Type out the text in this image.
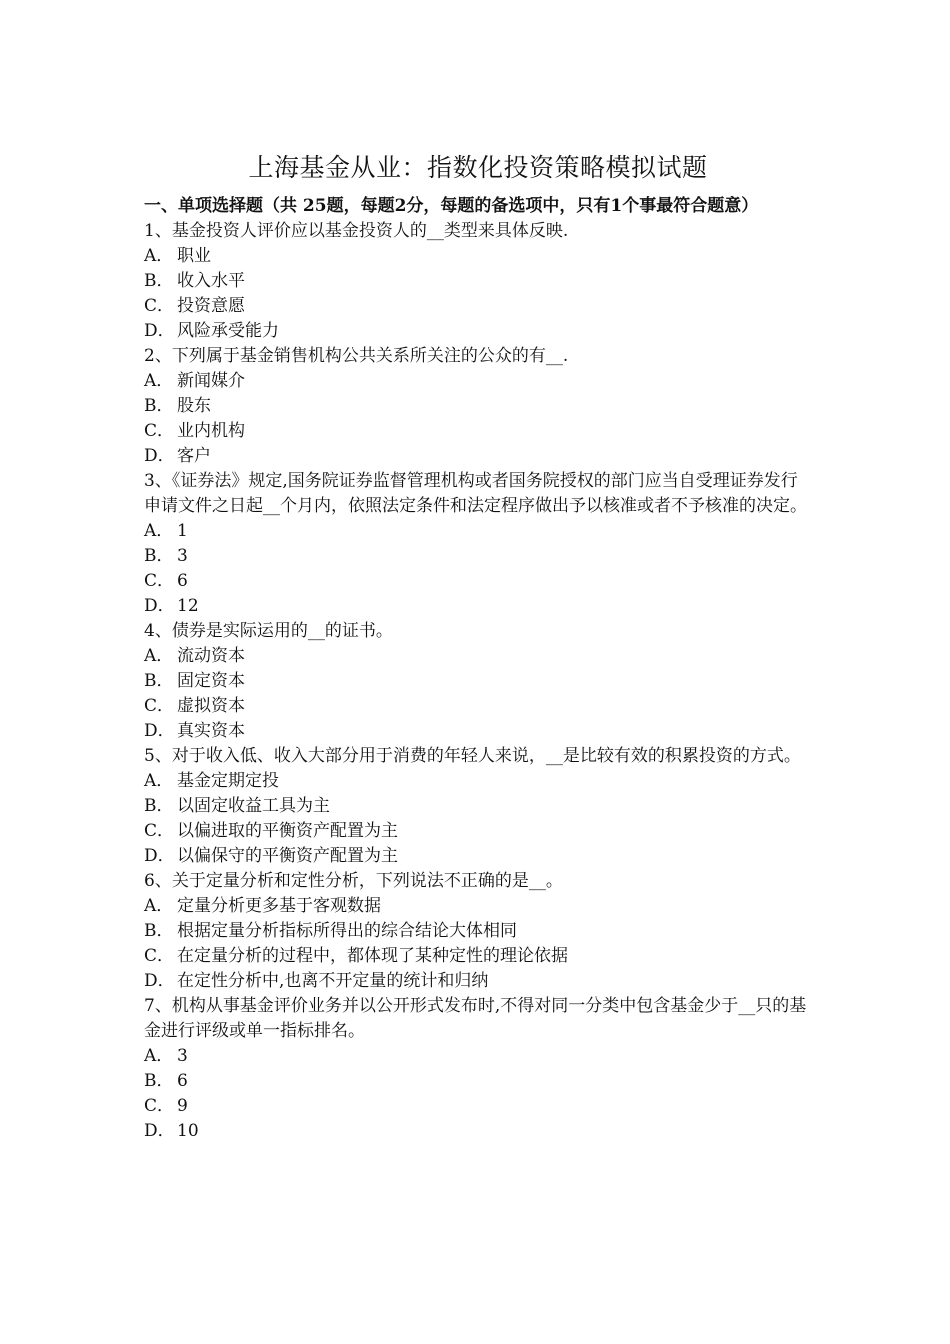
上海基金从业：指数化投资策略模拟试题

一、单项选择题（共 25题，每题2分，每题的备选项中，只有1个事最符合题意）

1、基金投资人评价应以基金投资人的__类型来具体反映.

A． 职业
B． 收入水平
C． 投资意愿
D． 风险承受能力

2、下列属于基金销售机构公共关系所关注的公众的有__.

A． 新闻媒介
B． 股东
C． 业内机构
D． 客户

3、《证券法》规定,国务院证券监督管理机构或者国务院授权的部门应当自受理证券发行申请文件之日起__个月内，依照法定条件和法定程序做出予以核准或者不予核准的决定。

A． 1
B． 3
C． 6
D． 12

4、债券是实际运用的__的证书。

A． 流动资本
B． 固定资本
C． 虚拟资本
D． 真实资本

5、对于收入低、收入大部分用于消费的年轻人来说，__是比较有效的积累投资的方式。

A． 基金定期定投
B． 以固定收益工具为主
C． 以偏进取的平衡资产配置为主
D． 以偏保守的平衡资产配置为主

6、关于定量分析和定性分析，下列说法不正确的是__。

A． 定量分析更多基于客观数据
B． 根据定量分析指标所得出的综合结论大体相同
C． 在定量分析的过程中，都体现了某种定性的理论依据
D． 在定性分析中,也离不开定量的统计和归纳

7、机构从事基金评价业务并以公开形式发布时,不得对同一分类中包含基金少于__只的基金进行评级或单一指标排名。

A． 3
B． 6
C． 9
D． 10
